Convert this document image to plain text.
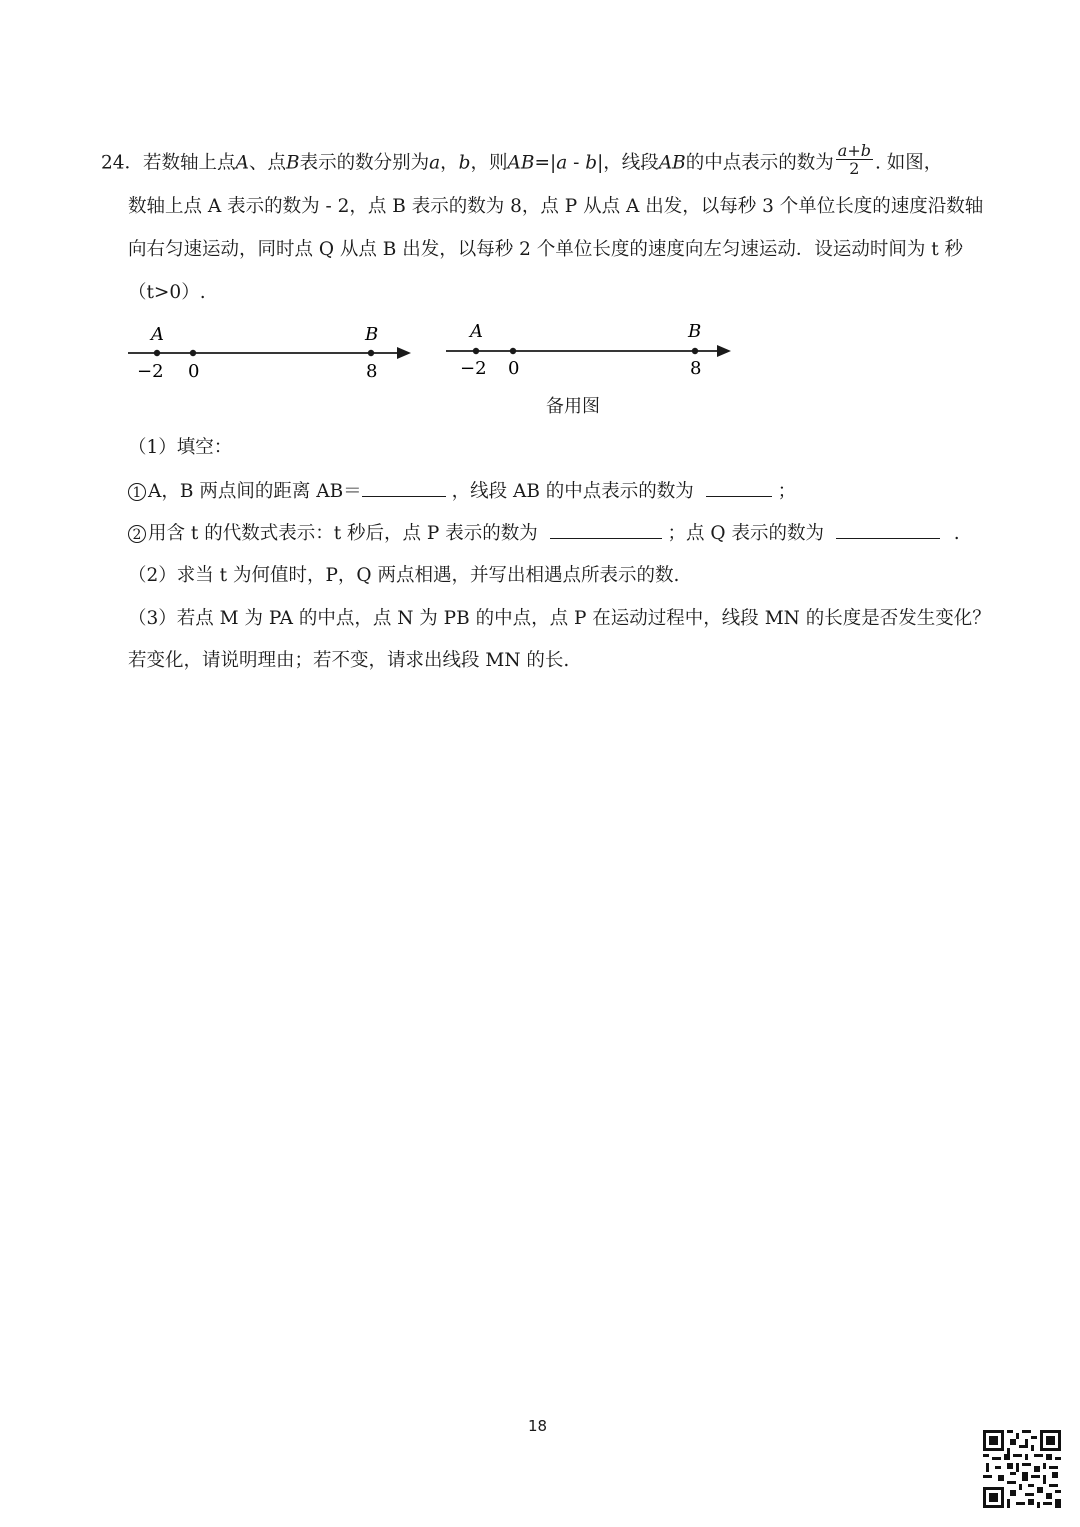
24．若数轴上点A、点B表示的数分别为a，b，则AB=|a - b|，线段AB的中点表示的数为 $\frac{a+b}{2}$ . 如图，
数轴上点 A 表示的数为 - 2，点 B 表示的数为 8，点 P 从点 A 出发，以每秒 3 个单位长度的速度沿数轴
向右匀速运动，同时点 Q 从点 B 出发，以每秒 2 个单位长度的速度向左匀速运动．设运动时间为 t 秒
（t>0）.
A	B
−2 0	8
A	B
−2 0	8
备用图
（1）填空：
1 A，B 两点间的距离 AB＝	，线段 AB 的中点表示的数为	；
2 用含 t 的代数式表示：t 秒后，点 P 表示的数为	；点 Q 表示的数为	.
（2）求当 t 为何值时，P，Q 两点相遇，并写出相遇点所表示的数.
（3）若点 M 为 PA 的中点，点 N 为 PB 的中点，点 P 在运动过程中，线段 MN 的长度是否发生变化？
若变化，请说明理由；若不变，请求出线段 MN 的长.
18
